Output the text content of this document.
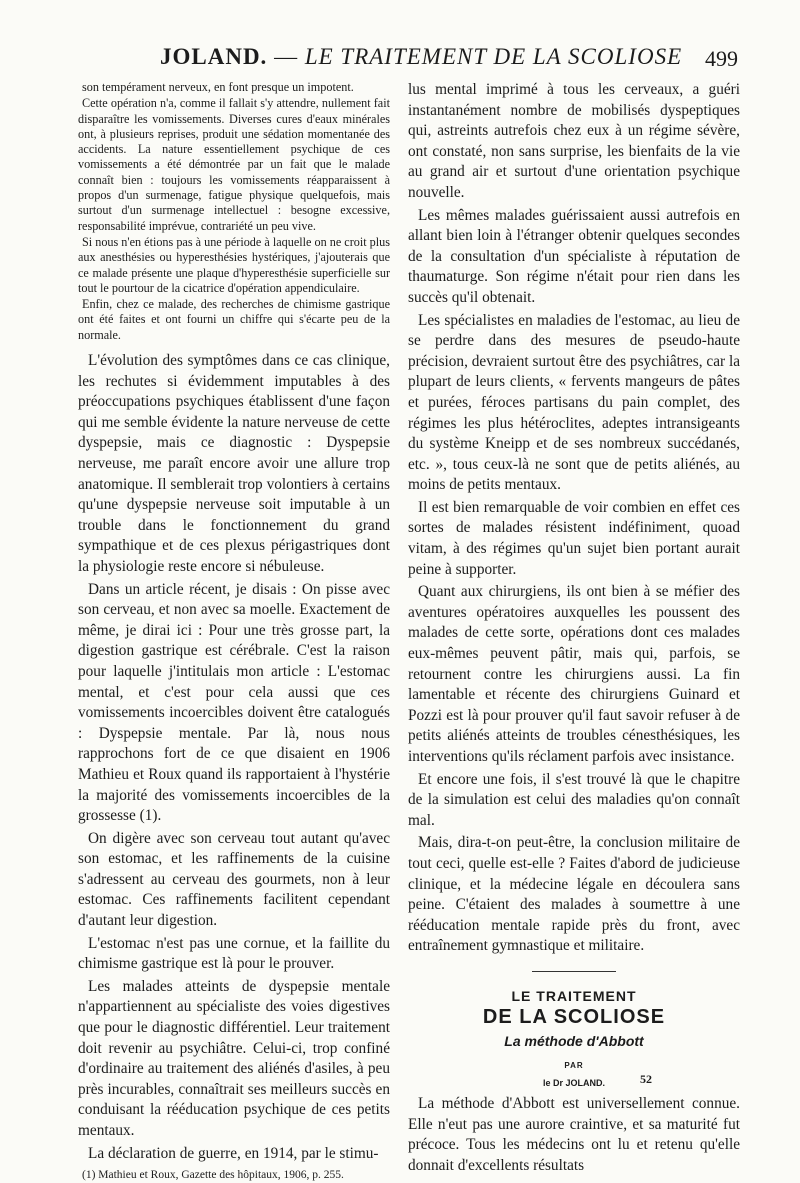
JOLAND. — LE TRAITEMENT DE LA SCOLIOSE 499

son tempérament nerveux, en font presque un impotent.

Cette opération n'a, comme il fallait s'y attendre, nullement fait disparaître les vomissements. Diverses cures d'eaux minérales ont, à plusieurs reprises, produit une sédation momentanée des accidents. La nature essentiellement psychique de ces vomissements a été démontrée par un fait que le malade connaît bien : toujours les vomissements réapparaissent à propos d'un surmenage, fatigue physique quelquefois, mais surtout d'un surmenage intellectuel : besogne excessive, responsabilité imprévue, contrariété un peu vive.

Si nous n'en étions pas à une période à laquelle on ne croit plus aux anesthésies ou hyperesthésies hystériques, j'ajouterais que ce malade présente une plaque d'hyperesthésie superficielle sur tout le pourtour de la cicatrice d'opération appendiculaire.

Enfin, chez ce malade, des recherches de chimisme gastrique ont été faites et ont fourni un chiffre qui s'écarte peu de la normale.

L'évolution des symptômes dans ce cas clinique, les rechutes si évidemment imputables à des préoccupations psychiques établissent d'une façon qui me semble évidente la nature nerveuse de cette dyspepsie, mais ce diagnostic : Dyspepsie nerveuse, me paraît encore avoir une allure trop anatomique. Il semblerait trop volontiers à certains qu'une dyspepsie nerveuse soit imputable à un trouble dans le fonctionnement du grand sympathique et de ces plexus périgastriques dont la physiologie reste encore si nébuleuse.

Dans un article récent, je disais : On pisse avec son cerveau, et non avec sa moelle. Exactement de même, je dirai ici : Pour une très grosse part, la digestion gastrique est cérébrale. C'est la raison pour laquelle j'intitulais mon article : L'estomac mental, et c'est pour cela aussi que ces vomissements incoercibles doivent être catalogués : Dyspepsie mentale. Par là, nous nous rapprochons fort de ce que disaient en 1906 Mathieu et Roux quand ils rapportaient à l'hystérie la majorité des vomissements incoercibles de la grossesse (1).

On digère avec son cerveau tout autant qu'avec son estomac, et les raffinements de la cuisine s'adressent au cerveau des gourmets, non à leur estomac. Ces raffinements facilitent cependant d'autant leur digestion.

L'estomac n'est pas une cornue, et la faillite du chimisme gastrique est là pour le prouver.

Les malades atteints de dyspepsie mentale n'appartiennent au spécialiste des voies digestives que pour le diagnostic différentiel. Leur traitement doit revenir au psychiâtre. Celui-ci, trop confiné d'ordinaire au traitement des aliénés d'asiles, à peu près incurables, connaîtrait ses meilleurs succès en conduisant la rééducation psychique de ces petits mentaux.

La déclaration de guerre, en 1914, par le stimu-

(1) Mathieu et Roux, Gazette des hôpitaux, 1906, p. 255.

lus mental imprimé à tous les cerveaux, a guéri instantanément nombre de mobilisés dyspeptiques qui, astreints autrefois chez eux à un régime sévère, ont constaté, non sans surprise, les bienfaits de la vie au grand air et surtout d'une orientation psychique nouvelle.

Les mêmes malades guérissaient aussi autrefois en allant bien loin à l'étranger obtenir quelques secondes de la consultation d'un spécialiste à réputation de thaumaturge. Son régime n'était pour rien dans les succès qu'il obtenait.

Les spécialistes en maladies de l'estomac, au lieu de se perdre dans des mesures de pseudo-haute précision, devraient surtout être des psychiâtres, car la plupart de leurs clients, « fervents mangeurs de pâtes et purées, féroces partisans du pain complet, des régimes les plus hétéroclites, adeptes intransigeants du système Kneipp et de ses nombreux succédanés, etc. », tous ceux-là ne sont que de petits aliénés, au moins de petits mentaux.

Il est bien remarquable de voir combien en effet ces sortes de malades résistent indéfiniment, quoad vitam, à des régimes qu'un sujet bien portant aurait peine à supporter.

Quant aux chirurgiens, ils ont bien à se méfier des aventures opératoires auxquelles les poussent des malades de cette sorte, opérations dont ces malades eux-mêmes peuvent pâtir, mais qui, parfois, se retournent contre les chirurgiens aussi. La fin lamentable et récente des chirurgiens Guinard et Pozzi est là pour prouver qu'il faut savoir refuser à de petits aliénés atteints de troubles cénesthésiques, les interventions qu'ils réclament parfois avec insistance.

Et encore une fois, il s'est trouvé là que le chapitre de la simulation est celui des maladies qu'on connaît mal.

Mais, dira-t-on peut-être, la conclusion militaire de tout ceci, quelle est-elle ? Faites d'abord de judicieuse clinique, et la médecine légale en découlera sans peine. C'étaient des malades à soumettre à une rééducation mentale rapide près du front, avec entraînement gymnastique et militaire.

LE TRAITEMENT
DE LA SCOLIOSE
La méthode d'Abbott
PAR
le Dr JOLAND.

La méthode d'Abbott est universellement connue. Elle n'eut pas une aurore craintive, et sa maturité fut précoce. Tous les médecins ont lu et retenu qu'elle donnait d'excellents résultats

52
